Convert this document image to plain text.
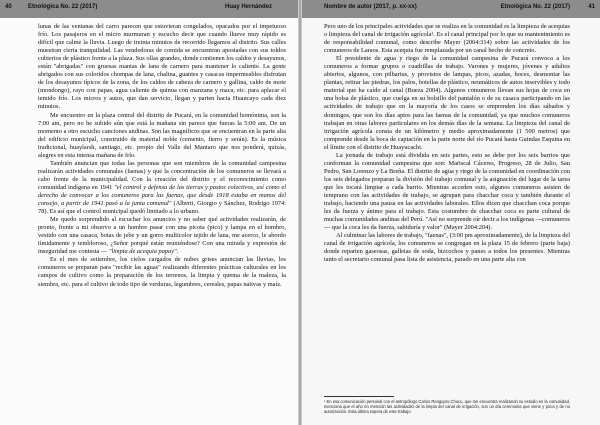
40	Etnológica No. 22 (2017)	Huay Hernández

lunas de las ventanas del carro parecen que estuvieran congelados, opacados por el impetuoso frío. Los pasajeros en el micro murmuran y escucho decir que cuando llueve muy rápido es difícil que calme la lluvia. Luego de treinta minutos de recorrido llegamos al distrito. Sus calles muestran cierta tranquilidad. Las vendedoras de comida se encuentran apostadas con sus toldos cubiertos de plástico frente a la plaza. Sus ollas grandes, donde contienen los caldos y desayunos, están "abrigadas" con gruesas mantas de lana de carnero para mantener lo caliente. La gente abrigados con sus coloridos chompas de lana, chalina, guantes y casacas impermeables disfrutan de los desayunos típicos de la zona, de los caldos de cabeza de carnero y gallina, caldo de mote (mondongo), rayo con papas, agua caliente de quinua con manzana y maca, etc. para aplacar el temido frío. Los micros y autos, que dan servicio, llegan y parten hacia Huancayo cada diez minutos.

Me encuentro en la plaza central del distrito de Pucará, en la comunidad homónima, son la 7:00 am, pero no he subido aún que está la mañana sin parece que fueras la 5:00 am. De un momento a otro escucho canciones andinas. Son las magníficos que se encuentran en la parte alta del edificio municipal, construido de material noble (cemento, fierro y serán). Es la música tradicional, huaylarsh, santiago, etc. propio del Valle del Mantaro que nos ponderá, quizás, alegres en esta intensa mañana de frío.

También anuncian que todas las personas que son miembros de la comunidad campesina realizarán actividades comunales (faenas) y que la concentración de los comuneros se llevará a cabo frente de la municipalidad. Con la creación del distrito y el reconocimiento como comunidad indígena en 1941 "el control y defensa de las tierras y pastos colectivos, así como el derecho de convocar a los comuneros para las faenas, que desde 1918 estaba en manos del consejo, a partir de 1941 pasó a la junta comunal" (Alberti, Giorgio y Sánchez, Rodrigo 1974: 78). Es así que el control municipal quedó limitado a lo urbano.

Me quedo sorprendido al escuchar los anuncios y no saber qué actividades realizarán, de pronto, frente a mi observo a un hombre pasar con una picota (pico) y lampa en el hombro, vestido con una casaca, botas de jebe y un gorro multicolor tejido de lana, me acerco, le abordo tímidamente y tembloroso, ¿Señor porqué están reuniéndose? Con una mirada y expresión de inseguridad me contesta — "limpia de acequia papay".

Es el mes de setiembre, los cielos cargados de nubes grises anuncian las lluvias, los comuneros se preparan para "recibir las aguas" realizando diferentes prácticas culturales en los campos de cultivo como la preparación de los terrenos, la limpia y quema de la maleza, la siembra, etc. para el cultivo de todo tipo de verduras, legumbres, cereales, papas nativas y maíz.

Nombre de autor (2017, p. xx-xx)	Etnológica No. 22 (2017)	41

Pero uno de los principales actividades que se realiza en la comunidad es la limpieza de acequias o limpieza del canal de irrigación agrícola¹. Es el canal principal por lo que su mantenimiento es de responsabilidad comunal, como describe Mayer (2004:314) sobre las actividades de los comuneros de Laraos. Esta acequia fue remplazada por un canal hecho de concreto.

El presidente de agua y riego de la comunidad campesina de Pucará convoca a los comuneros a formar grupos o cuadrillas de trabajo. Varones y mujeres, jóvenes y adultos abiertos, algunos, con pilbarius, y provistos de lampas, picos, azadas, hoces, desmontar las plantas, retirar las piedras, los palos, botellas de plástico, neumáticos de autos inservibles y todo material que ha caído al canal (Bueza 2004). Algunos comuneros llevan sus hojas de coca en una bolsa de plástico, que cuelga en su bolsillo del pantalón o de su casaca participando en las actividades de trabajo que en la mayoría de los casos se emprenden los días sábados y domingos, que son los días aptos para las faenas de la comunidad, ya que muchos comuneros trabajan en otras labores particulares en los demás días de la semana. La limpieza del canal de irrigación agrícola consta de un kilómetro y medio aproximadamente (1 500 metros) que comprende desde la boca de captación en la parte norte del río Pucará hasta Guindas Esquina en el límite con el distrito de Huayucachi.

La jornada de trabajo está dividida en seis partes, esto se debe por los seis barrios que conforman la comunidad campesina que son: Mariscal Cáceres, Progreso, 28 de Julio, San Pedro, San Lorenzo y La Breña. El distrito de agua y riego de la comunidad en coordinación con los seis delegados preparan la división del trabajo comunal y la asignación del lugar de la tarea que les tocará limpiar a cada barrio. Mientras acceden esto, algunos comuneros asisten de temprano con las actividades de trabajo, se agrupan para chacchar coca y también durante el trabajo, haciendo una pausa en las actividades laborales. Ellos dicen que chacchan coca porque les da fuerza y ánimo para el trabajo. Esta costumbre de chacchar coca es parte cultural de muchas comunidades andinas del Perú. "Así no sorprende oír decir a los indígenas —comuneros— que la coca les da fuerza, sabiduría y valor" (Mayer 2004:204).

Al culminar las labores de trabajo, "faenas", (3:00 pm aproximadamente), de la limpieza del canal de irrigación agrícola, los comuneros se congregan en la plaza 15 de febrero (parte baja) donde reparten gaseosas, galletas de soda, bizcochos y panes a todos los presentes. Mientras tanto el secretario comunal pasa lista de asistencia, parado en una parte alta con

¹ En esa comunicación personal con el antropólogo Carlos Rengupro Chucu, que me encuentra realizando su estudio en la comunidad, menciona que el año en mención las actividades de la limpia del canal de irrigación, son un día ceremonia que viene y poca y de no autorización. Esta última espera de este trabajo.
